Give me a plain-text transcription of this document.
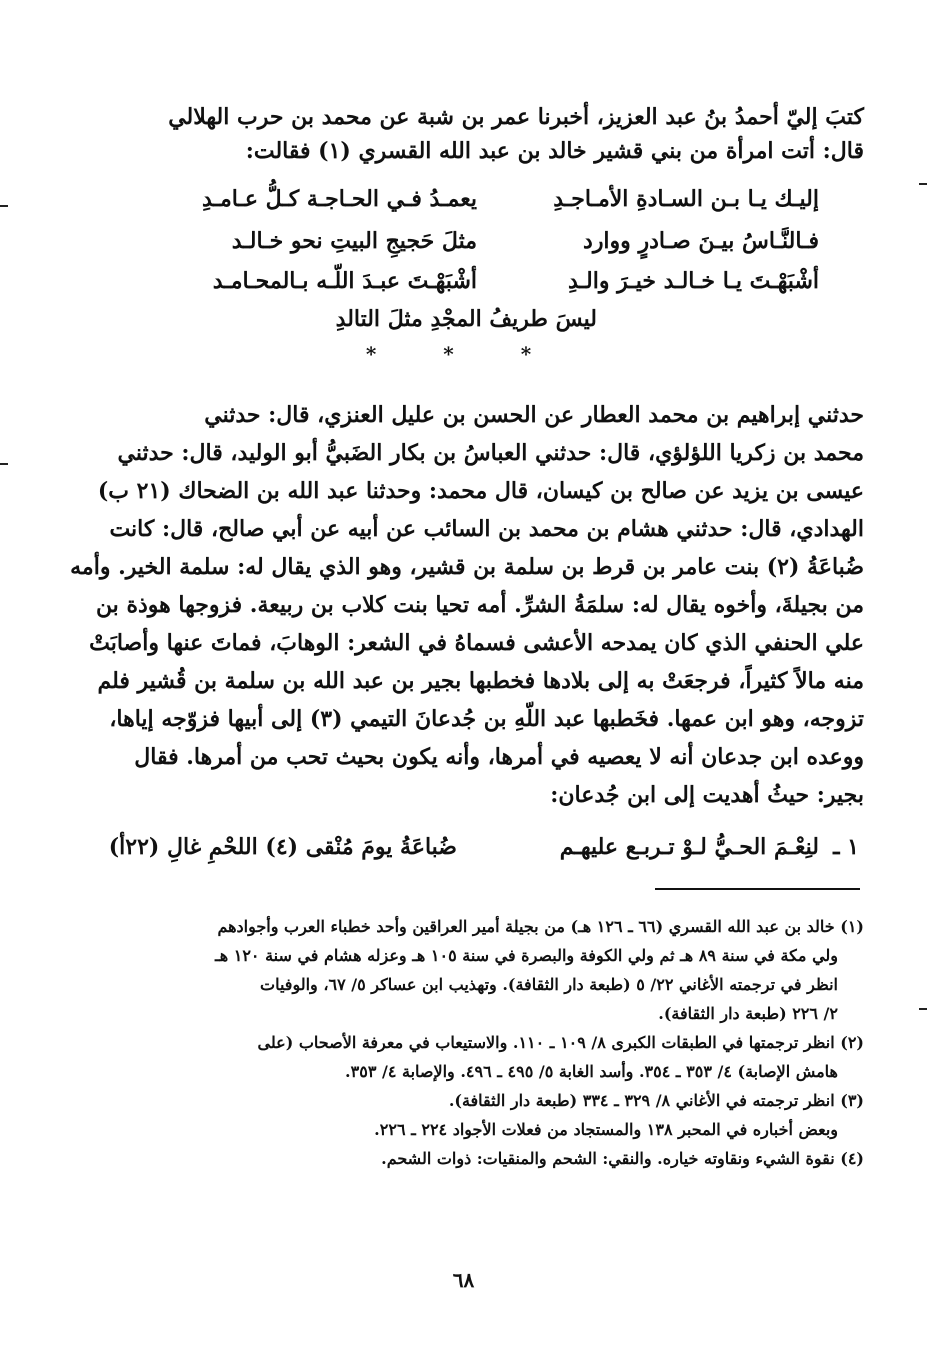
كتبَ إليّ أحمدُ بنُ عبد العزيز، أخبرنا عمر بن شبة عن محمد بن حرب الهلالي
قال: أتت امرأة من بني قشير خالد بن عبد الله القسري (١) فقالت:
إليـك يـا بـن السـادةِ الأمـاجـدِ
يعمـدُ فـي الحـاجـة كـلُّ عـامـدِ
فـالنَّـاسُ بيـنَ صـادرٍ ووارد
مثلَ حَجيجِ البيتِ نحو خـالـد
أشْبَهْـتَ يـا خـالـد خيـرَ والـدِ
أشْبَهْـتَ عبـدَ اللّـه بـالمحـامـد
ليسَ طريفُ المجْدِ مثلَ التالدِ
* * *
حدثني إبراهيم بن محمد العطار عن الحسن بن عليل العنزي، قال: حدثني
محمد بن زكريا اللؤلؤي، قال: حدثني العباسُ بن بكار الضَبيُّ أبو الوليد، قال: حدثني
عيسى بن يزيد عن صالح بن كيسان، قال محمد: وحدثنا عبد الله بن الضحاك (٢١ ب)
الهدادي، قال: حدثني هشام بن محمد بن السائب عن أبيه عن أبي صالح، قال: كانت
ضُباعَةُ (٢) بنت عامر بن قرط بن سلمة بن قشير، وهو الذي يقال له: سلمة الخير. وأمه
من بجيلةَ، وأخوه يقال له: سلمَةُ الشرِّ. أمه تحيا بنت كلاب بن ربيعة. فزوجها هوذة بن
علي الحنفي الذي كان يمدحه الأعشى فسماهُ في الشعر: الوهابَ، فماتَ عنها وأصابَتْ
منه مالاً كثيراً، فرجعَتْ به إلى بلادها فخطبها بجير بن عبد الله بن سلمة بن قُشير فلم
تزوجه، وهو ابن عمها. فخَطبها عبد اللّهِ بن جُدعانَ التيمي (٣) إلى أبيها فزوّجه إياها،
ووعده ابن جدعان أنه لا يعصيه في أمرها، وأنه يكون بحيث تحب من أمرها. فقال
بجير: حيثُ أهديت إلى ابن جُدعان:
١ ـ
لنِعْـمَ الحـيُّ لـوْ تـربـع عليهـم
ضُباعَةُ يومَ مُنْقى (٤) اللحْمِ غالِ (٢٢أ)
(١) خالد بن عبد الله القسري (٦٦ ـ ١٢٦ هـ) من بجيلة أمير العراقين وأحد خطباء العرب وأجوادهم
ولي مكة في سنة ٨٩ هـ ثم ولي الكوفة والبصرة في سنة ١٠٥ هـ وعزله هشام في سنة ١٢٠ هـ
انظر في ترجمته الأغاني ٢٢/ ٥ (طبعة دار الثقافة). وتهذيب ابن عساكر ٥/ ٦٧، والوفيات
٢/ ٢٢٦ (طبعة دار الثقافة).
(٢) انظر ترجمتها في الطبقات الكبرى ٨/ ١٠٩ ـ ١١٠. والاستيعاب في معرفة الأصحاب (على
هامش الإصابة) ٤/ ٣٥٣ ـ ٣٥٤. وأسد الغابة ٥/ ٤٩٥ ـ ٤٩٦. والإصابة ٤/ ٣٥٣.
(٣) انظر ترجمته في الأغاني ٨/ ٣٢٩ ـ ٣٣٤ (طبعة دار الثقافة).
وبعض أخباره في المحبر ١٣٨ والمستجاد من فعلات الأجواد ٢٢٤ ـ ٢٢٦.
(٤) نقوة الشيء ونقاوته خياره. والنقي: الشحم والمنقيات: ذوات الشحم.
٦٨
